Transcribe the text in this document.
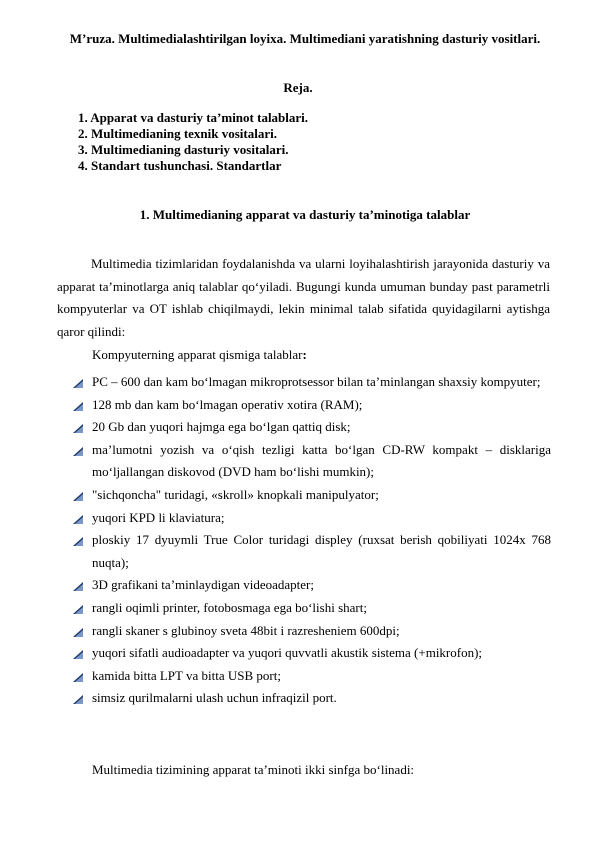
M’ruza. Multimedialashtirilgan loyixa. Multimediani yaratishning dasturiy vositlari.
Reja.
1. Apparat va dasturiy ta’minot talablari.
2. Multimedianing texnik vositalari.
3. Multimedianing dasturiy vositalari.
4. Standart tushunchasi. Standartlar
1. Multimedianing apparat va dasturiy ta’minotiga talablar
Multimedia tizimlaridan foydalanishda va ularni loyihalashtirish jarayonida dasturiy va apparat ta’minotlarga aniq talablar qo‘yiladi. Bugungi kunda umuman bunday past parametrli kompyuterlar va OT ishlab chiqilmaydi, lekin minimal talab sifatida quyidagilarni aytishga qaror qilindi:
Kompyuterning apparat qismiga talablar:
PC – 600 dan kam bo‘lmagan mikroprotsessor bilan ta’minlangan shaxsiy kompyuter;
128 mb dan kam bo‘lmagan operativ xotira (RAM);
20 Gb dan yuqori hajmga ega bo‘lgan qattiq disk;
ma’lumotni yozish va o‘qish tezligi katta bo‘lgan CD-RW kompakt – disklariga mo‘ljallangan diskovod (DVD ham bo‘lishi mumkin);
"sichqoncha" turidagi, «skroll» knopkali manipulyator;
yuqori KPD li klaviatura;
ploskiy 17 dyuymli True Color turidagi displey (ruxsat berish qobiliyati 1024x 768 nuqta);
3D grafikani ta’minlaydigan videoadapter;
rangli oqimli printer, fotobosmaga ega bo‘lishi shart;
rangli skaner s glubinoy sveta 48bit i razresheniem 600dpi;
yuqori sifatli audioadapter va yuqori quvvatli akustik sistema (+mikrofon);
kamida bitta LPT va bitta USB port;
simsiz qurilmalarni ulash uchun infraqizil port.
Multimedia tizimining apparat ta’minoti ikki sinfga bo‘linadi:
